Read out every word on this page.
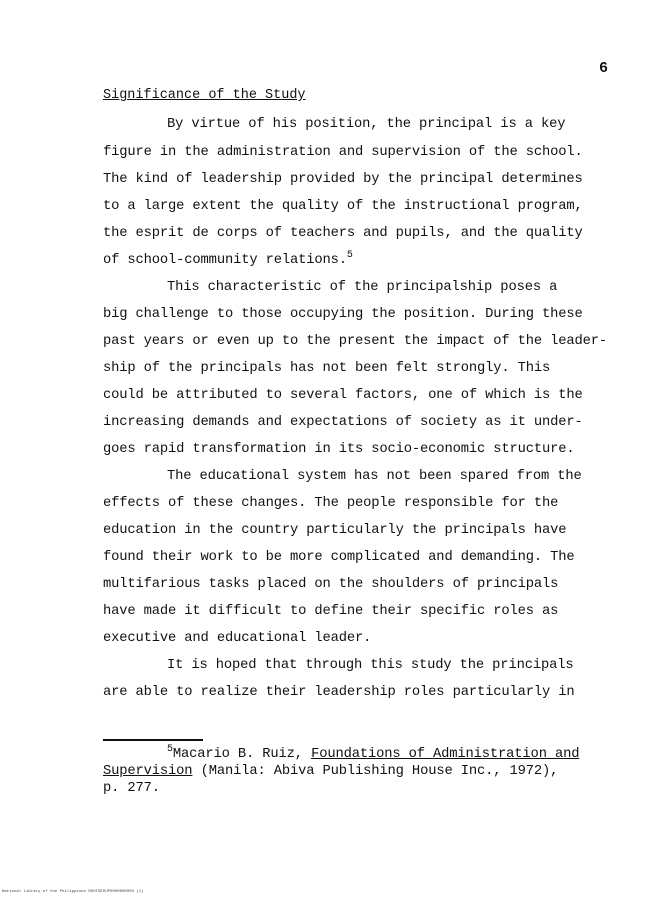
6
Significance of the Study
By virtue of his position, the principal is a key
figure in the administration and supervision of the school.
The kind of leadership provided by the principal determines
to a large extent the quality of the instructional program,
the esprit de corps of teachers and pupils, and the quality
of school-community relations.$^5$
This characteristic of the principalship poses a
big challenge to those occupying the position. During these
past years or even up to the present the impact of the leader-
ship of the principals has not been felt strongly. This
could be attributed to several factors, one of which is the
increasing demands and expectations of society as it under-
goes rapid transformation in its socio-economic structure.
The educational system has not been spared from the
effects of these changes. The people responsible for the
education in the country particularly the principals have
found their work to be more complicated and demanding. The
multifarious tasks placed on the shoulders of principals
have made it difficult to define their specific roles as
executive and educational leader.
It is hoped that through this study the principals
are able to realize their leadership roles particularly in
$^5$Macario B. Ruiz, Foundations of Administration and
Supervision (Manila: Abiva Publishing House Inc., 1972),
p. 277.
National Library of the Philippines ROOTDEDUP0000000003 (1)
